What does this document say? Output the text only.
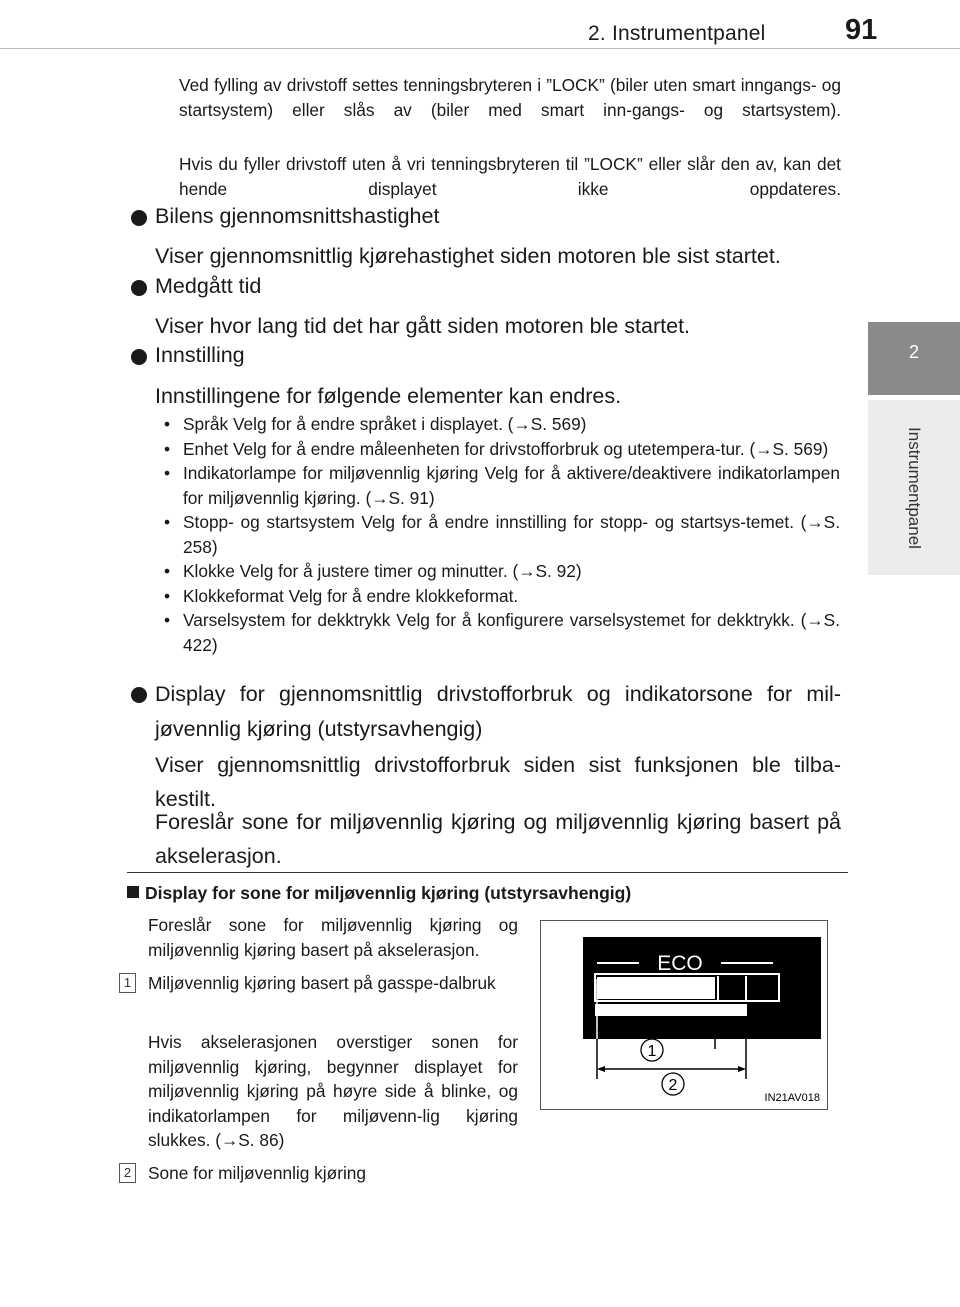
2. Instrumentpanel	91
2
Instrumentpanel

Ved fylling av drivstoff settes tenningsbryteren i ”LOCK” (biler uten smart inngangs- og startsystem) eller slås av (biler med smart inn-gangs- og startsystem).

Hvis du fyller drivstoff uten å vri tenningsbryteren til ”LOCK” eller slår den av, kan det hende displayet ikke oppdateres.

Bilens gjennomsnittshastighet

Viser gjennomsnittlig kjørehastighet siden motoren ble sist startet.

Medgått tid

Viser hvor lang tid det har gått siden motoren ble startet.

Innstilling

Innstillingene for følgende elementer kan endres.

• Språk Velg for å endre språket i displayet. (→S. 569)
• Enhet Velg for å endre måleenheten for drivstofforbruk og utetempera-tur. (→S. 569)
• Indikatorlampe for miljøvennlig kjøring Velg for å aktivere/deaktivere indikatorlampen for miljøvennlig kjøring. (→S. 91)
• Stopp- og startsystem Velg for å endre innstilling for stopp- og startsys-temet. (→S. 258)
• Klokke Velg for å justere timer og minutter. (→S. 92)
• Klokkeformat Velg for å endre klokkeformat.
• Varselsystem for dekktrykk Velg for å konfigurere varselsystemet for dekktrykk. (→S. 422)
Display for gjennomsnittlig drivstofforbruk og indikatorsone for mil-jøvennlig kjøring (utstyrsavhengig)

Viser gjennomsnittlig drivstofforbruk siden sist funksjonen ble tilba-kestilt.

Foreslår sone for miljøvennlig kjøring og miljøvennlig kjøring basert på akselerasjon.

Display for sone for miljøvennlig kjøring (utstyrsavhengig)

Foreslår sone for miljøvennlig kjøring og miljøvennlig kjøring basert på akselerasjon.

1 Miljøvennlig kjøring basert på gasspe-dalbruk

Hvis akselerasjonen overstiger sonen for miljøvennlig kjøring, begynner displayet for miljøvennlig kjøring på høyre side å blinke, og indikatorlampen for miljøvenn-lig kjøring slukkes. (→S. 86)

2 Sone for miljøvennlig kjøring

ECO
1
2
IN21AV018
